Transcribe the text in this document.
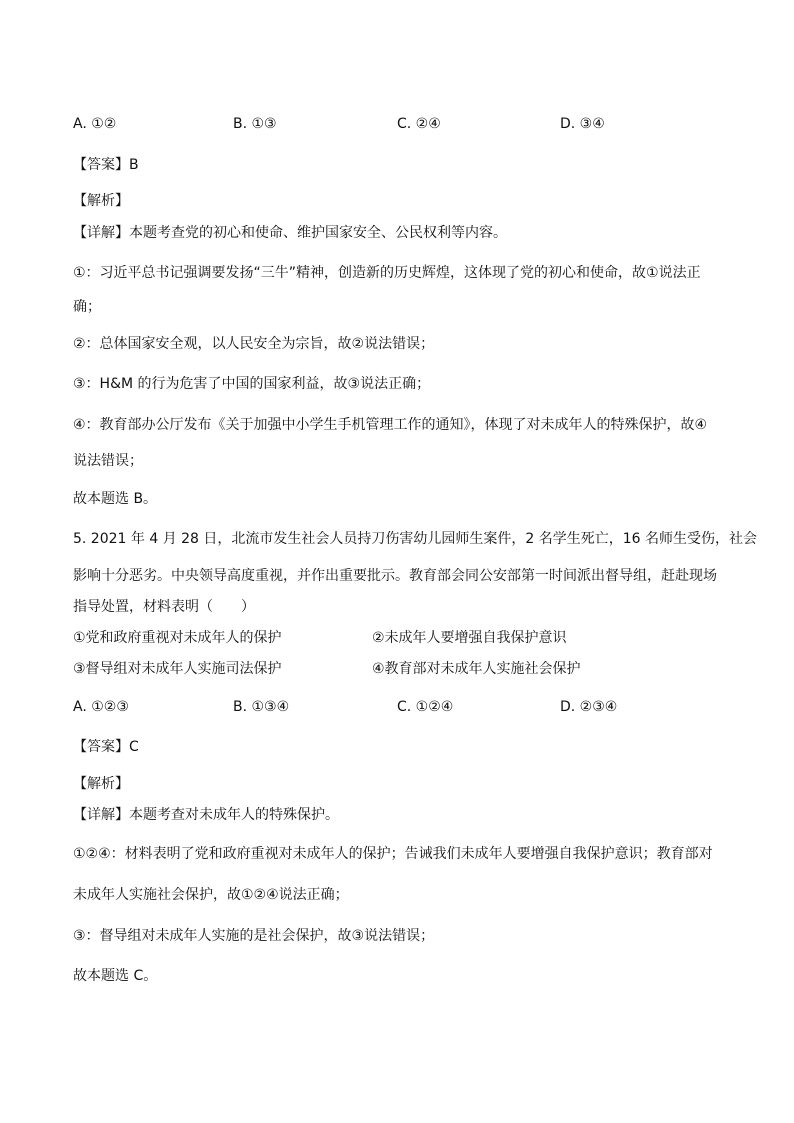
A. ①②	B. ①③	C. ②④	D. ③④
【答案】B
【解析】
【详解】本题考查党的初心和使命、维护国家安全、公民权利等内容。
①：习近平总书记强调要发扬“三牛”精神，创造新的历史辉煌，这体现了党的初心和使命，故①说法正
确；
②：总体国家安全观，以人民安全为宗旨，故②说法错误；
③：H&M 的行为危害了中国的国家利益，故③说法正确；
④：教育部办公厅发布《关于加强中小学生手机管理工作的通知》，体现了对未成年人的特殊保护，故④
说法错误；
故本题选 B。
5. 2021 年 4 月 28 日，北流市发生社会人员持刀伤害幼儿园师生案件，2 名学生死亡，16 名师生受伤，社会
影响十分恶劣。中央领导高度重视，并作出重要批示。教育部会同公安部第一时间派出督导组，赶赴现场
指导处置，材料表明（　　）
①党和政府重视对未成年人的保护	②未成年人要增强自我保护意识
③督导组对未成年人实施司法保护	④教育部对未成年人实施社会保护
A. ①②③	B. ①③④	C. ①②④	D. ②③④
【答案】C
【解析】
【详解】本题考查对未成年人的特殊保护。
①②④：材料表明了党和政府重视对未成年人的保护；告诫我们未成年人要增强自我保护意识；教育部对
未成年人实施社会保护，故①②④说法正确；
③：督导组对未成年人实施的是社会保护，故③说法错误；
故本题选 C。
